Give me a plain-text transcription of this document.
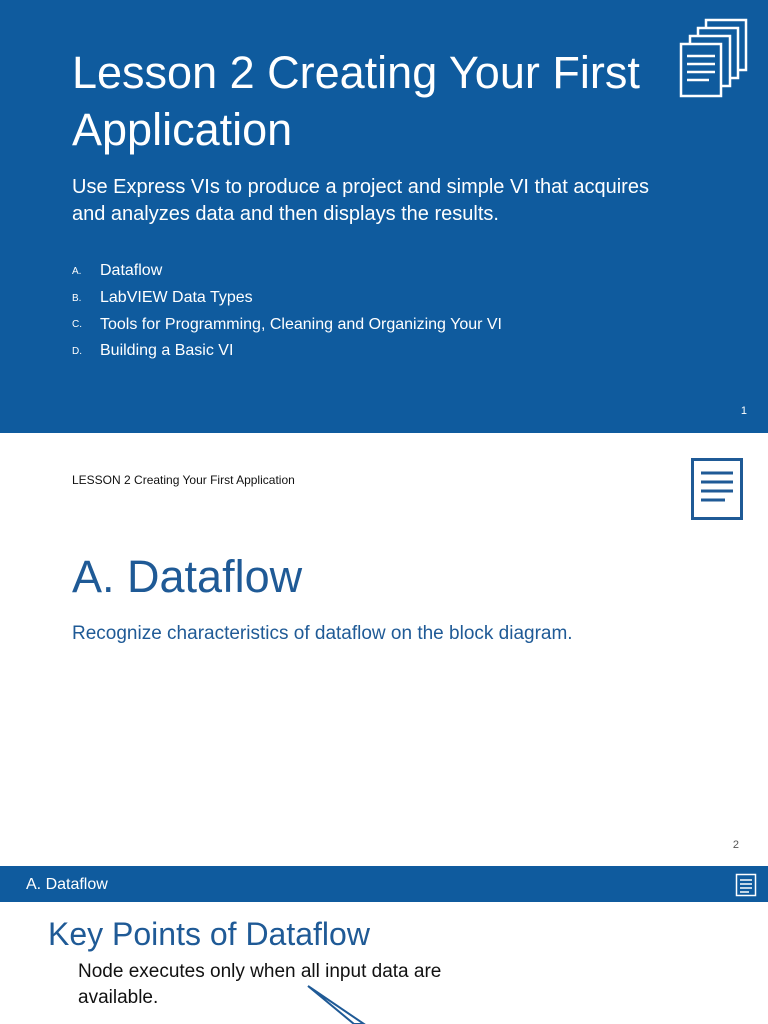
Lesson 2 Creating Your First Application
Use Express VIs to produce a project and simple VI that acquires and analyzes data and then displays the results.
A.	Dataflow
B.	LabVIEW Data Types
C.	Tools for Programming, Cleaning and Organizing Your VI
D.	Building a Basic VI
1
LESSON 2 Creating Your First Application
A. Dataflow
Recognize characteristics of dataflow on the block diagram.
2
A. Dataflow
Key Points of Dataflow
Node executes only when all input data are available.
